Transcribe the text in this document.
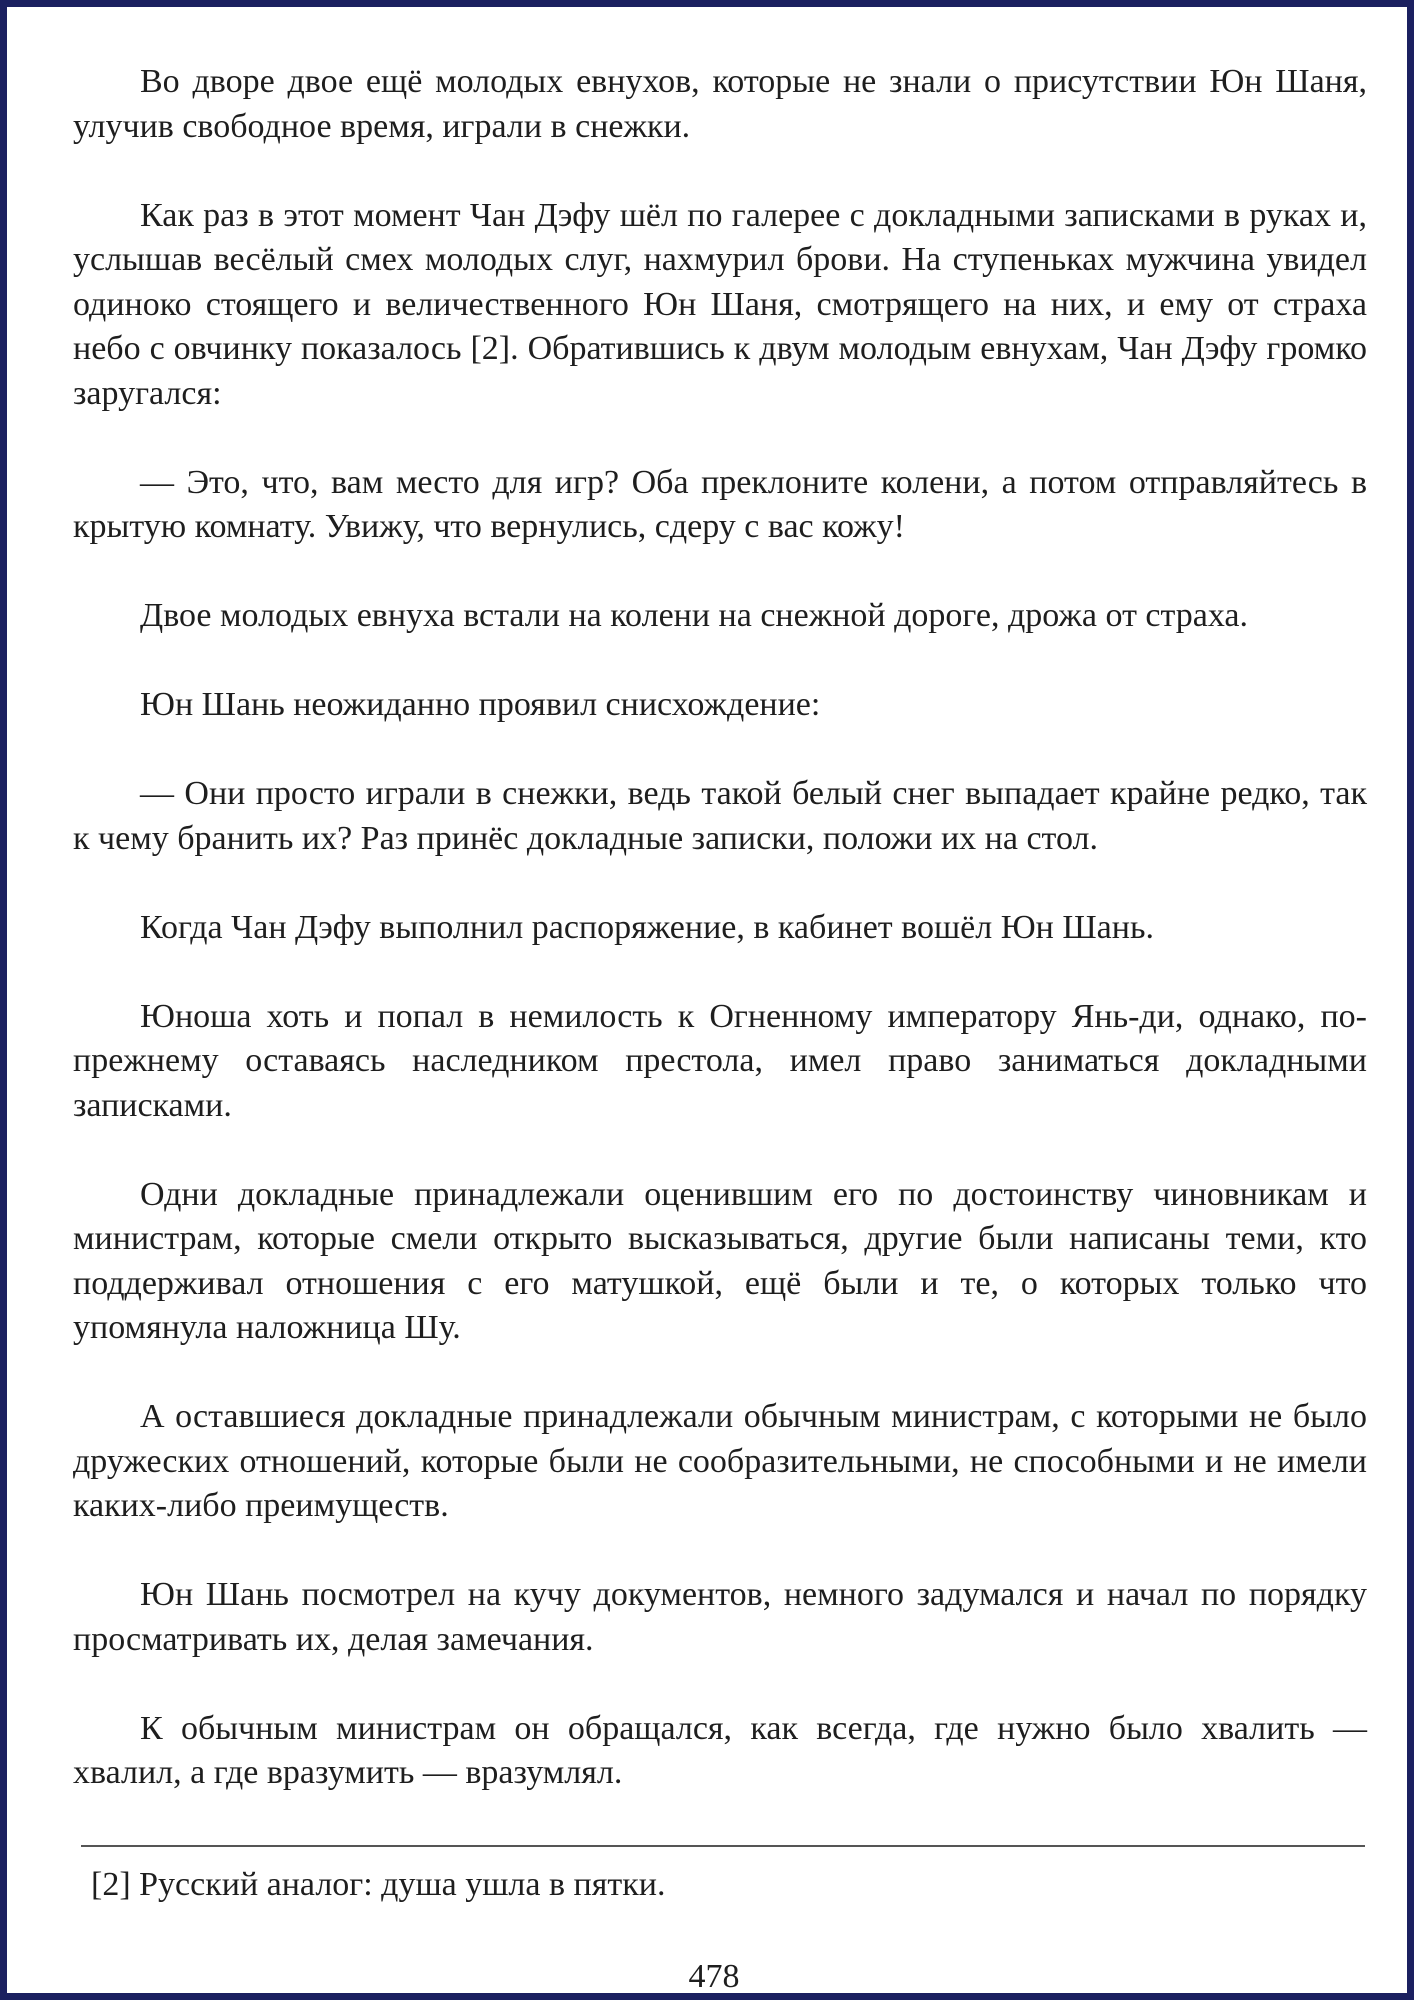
Во дворе двое ещё молодых евнухов, которые не знали о присутствии Юн Шаня, улучив свободное время, играли в снежки.

Как раз в этот момент Чан Дэфу шёл по галерее с докладными записками в руках и, услышав весёлый смех молодых слуг, нахмурил брови. На ступеньках мужчина увидел одиноко стоящего и величественного Юн Шаня, смотрящего на них, и ему от страха небо с овчинку показалось [2]. Обратившись к двум молодым евнухам, Чан Дэфу громко заругался:

— Это, что, вам место для игр? Оба преклоните колени, а потом отправляйтесь в крытую комнату. Увижу, что вернулись, сдеру с вас кожу!

Двое молодых евнуха встали на колени на снежной дороге, дрожа от страха.

Юн Шань неожиданно проявил снисхождение:

— Они просто играли в снежки, ведь такой белый снег выпадает крайне редко, так к чему бранить их? Раз принёс докладные записки, положи их на стол.

Когда Чан Дэфу выполнил распоряжение, в кабинет вошёл Юн Шань.

Юноша хоть и попал в немилость к Огненному императору Янь-ди, однако, по-прежнему оставаясь наследником престола, имел право заниматься докладными записками.

Одни докладные принадлежали оценившим его по достоинству чиновникам и министрам, которые смели открыто высказываться, другие были написаны теми, кто поддерживал отношения с его матушкой, ещё были и те, о которых только что упомянула наложница Шу.

А оставшиеся докладные принадлежали обычным министрам, с которыми не было дружеских отношений, которые были не сообразительными, не способными и не имели каких-либо преимуществ.

Юн Шань посмотрел на кучу документов, немного задумался и начал по порядку просматривать их, делая замечания.

К обычным министрам он обращался, как всегда, где нужно было хвалить — хвалил, а где вразумить — вразумлял.

[2] Русский аналог: душа ушла в пятки.
478
